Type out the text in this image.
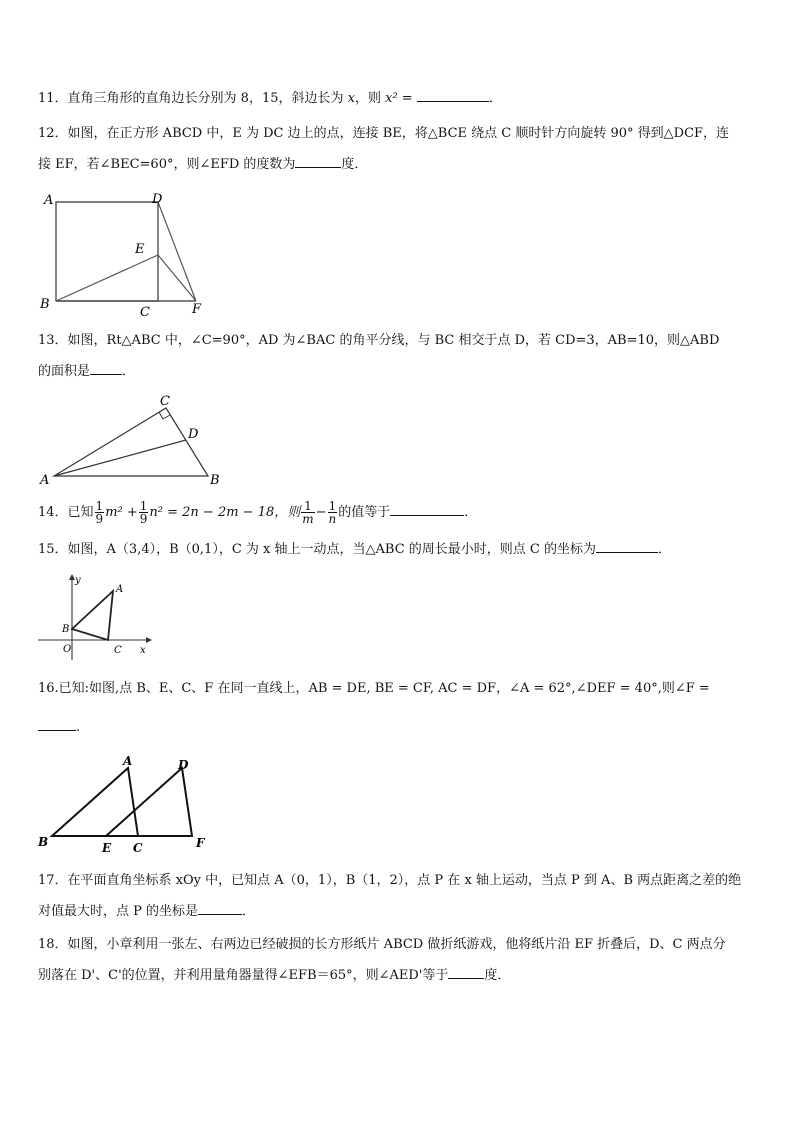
11．直角三角形的直角边长分别为 8，15，斜边长为 x，则 x² =	．
12．如图，在正方形 ABCD 中，E 为 DC 边上的点，连接 BE，将△BCE 绕点 C 顺时针方向旋转 90° 得到△DCF，连
接 EF，若∠BEC=60°，则∠EFD 的度数为	度．
A	D
E
B
C	F
13．如图，Rt△ABC 中，∠C=90°，AD 为∠BAC 的角平分线，与 BC 相交于点 D，若 CD=3，AB=10，则△ABD
的面积是 ．
C
D
A	B
14．已知 $\frac{1}{9} m^2 + \frac{1}{9} n^2 = 2n - 2m - 18$，则 $\frac{1}{m} - \frac{1}{n}$ 的值等于	．
15．如图，A（3,4），B（0,1），C 为 x 轴上一动点，当△ABC 的周长最小时，则点 C 的坐标为	．
y
A
B
O	C x
16.已知:如图,点 B、E、C、F 在同一直线上，AB = DE, BE = CF, AC = DF，∠A = 62°,∠DEF = 40°,则∠F =
.
A	D
B	E C	F
17．在平面直角坐标系 xOy 中，已知点 A（0，1），B（1，2），点 P 在 x 轴上运动，当点 P 到 A、B 两点距离之差的绝
对值最大时，点 P 的坐标是	．
18．如图，小章利用一张左、右两边已经破损的长方形纸片 ABCD 做折纸游戏，他将纸片沿 EF 折叠后，D、C 两点分
别落在 D'、C'的位置，并利用量角器量得∠EFB＝65°，则∠AED'等于	度．
